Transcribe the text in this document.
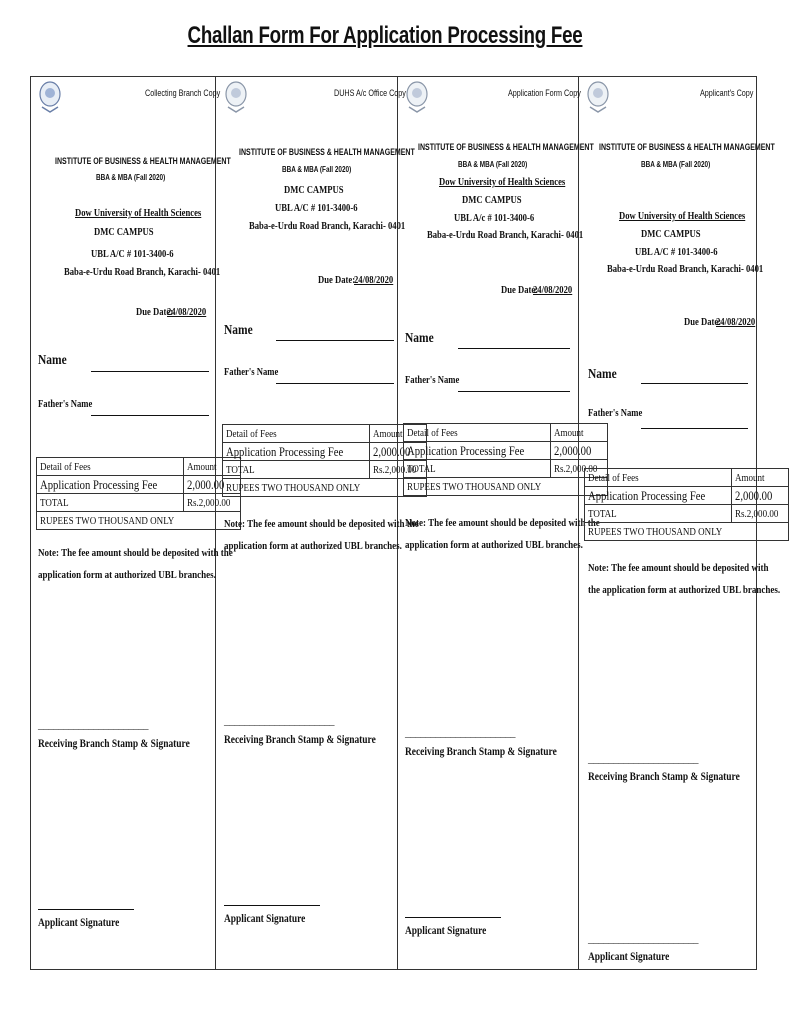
Challan Form For Application Processing Fee
Collecting Branch Copy
INSTITUTE OF BUSINESS & HEALTH MANAGEMENT
BBA & MBA (Fall 2020)
Dow University of Health Sciences
DMC CAMPUS
UBL A/C # 101-3400-6
Baba-e-Urdu Road Branch, Karachi- 0401
Due Date:
24/08/2020
Name
Father's Name
Detail of Fees	Amount
Application Processing Fee	2,000.00
TOTAL	Rs.2,000.00
RUPEES TWO THOUSAND ONLY	
Note: The fee amount should be deposited with the
application form at authorized UBL branches.
______________________
Receiving Branch Stamp & Signature
Applicant Signature
DUHS A/c Office Copy
INSTITUTE OF BUSINESS & HEALTH MANAGEMENT
BBA & MBA (Fall 2020)
DMC CAMPUS
UBL A/C # 101-3400-6
Baba-e-Urdu Road Branch, Karachi- 0401
Due Date:
24/08/2020
Name
Father's Name
Detail of Fees	Amount
Application Processing Fee	2,000.00
TOTAL	Rs.2,000.00
RUPEES TWO THOUSAND ONLY	
Note: The fee amount should be deposited with the
application form at authorized UBL branches.
______________________
Receiving Branch Stamp & Signature
Applicant Signature
Application Form Copy
INSTITUTE OF BUSINESS & HEALTH MANAGEMENT
BBA & MBA (Fall 2020)
Dow University of Health Sciences
DMC CAMPUS
UBL A/c # 101-3400-6
Baba-e-Urdu Road Branch, Karachi- 0401
Due Date:
24/08/2020
Name
Father's Name
Detail of Fees	Amount
Application Processing Fee	2,000.00
TOTAL	Rs.2,000.00
RUPEES TWO THOUSAND ONLY	
Note: The fee amount should be deposited with the
application form at authorized UBL branches.
______________________
Receiving Branch Stamp & Signature
Applicant Signature
Applicant's Copy
INSTITUTE OF BUSINESS & HEALTH MANAGEMENT
BBA & MBA (Fall 2020)
Dow University of Health Sciences
DMC CAMPUS
UBL A/C # 101-3400-6
Baba-e-Urdu Road Branch, Karachi- 0401
Due Date:
24/08/2020
Name
Father's Name
Detail of Fees	Amount
Application Processing Fee	2,000.00
TOTAL	Rs.2,000.00
RUPEES TWO THOUSAND ONLY	
Note: The fee amount should be deposited with
the application form at authorized UBL branches.
______________________
Receiving Branch Stamp & Signature
______________________
Applicant Signature
